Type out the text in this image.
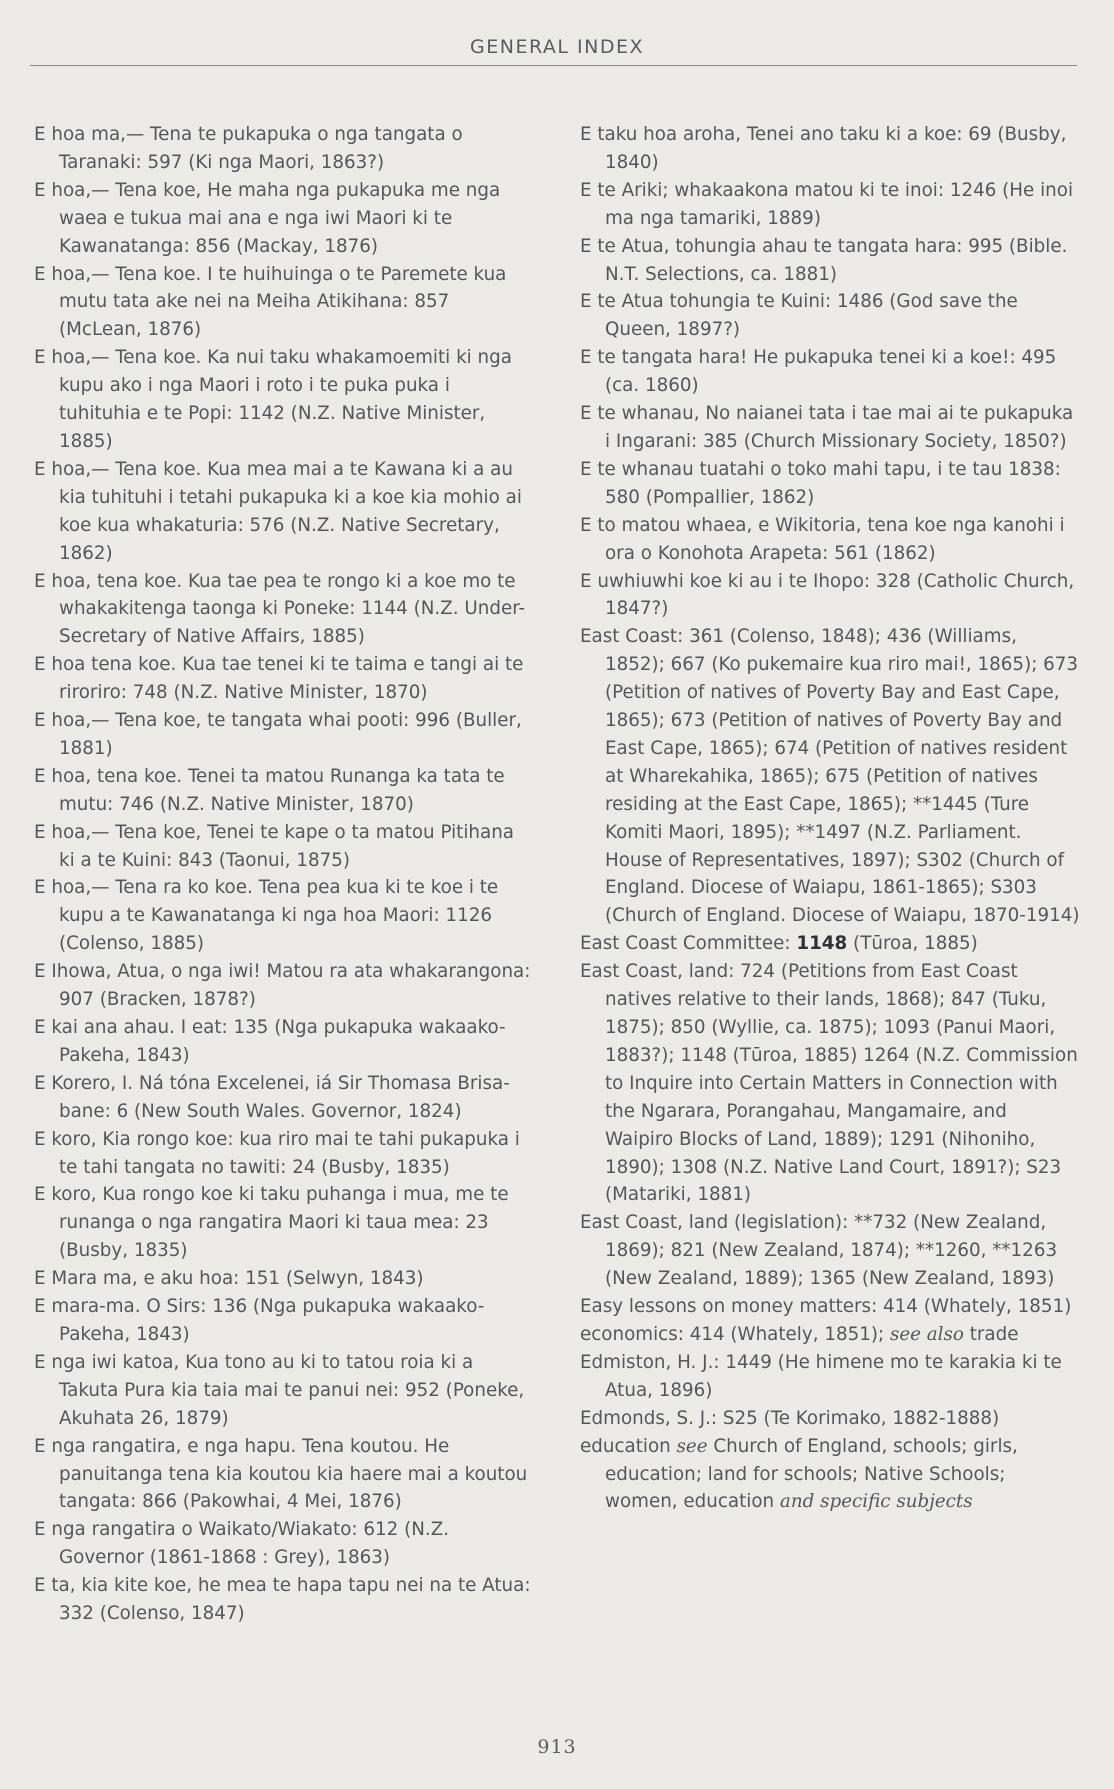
GENERAL INDEX

E hoa ma,— Tena te pukapuka o nga tangata o Taranaki: 597 (Ki nga Maori, 1863?)

E hoa,— Tena koe, He maha nga pukapuka me nga waea e tukua mai ana e nga iwi Maori ki te Kawanatanga: 856 (Mackay, 1876)

E hoa,— Tena koe. I te huihuinga o te Paremete kua mutu tata ake nei na Meiha Atikihana: 857 (McLean, 1876)

E hoa,— Tena koe. Ka nui taku whakamoemiti ki nga kupu ako i nga Maori i roto i te puka puka i tuhituhia e te Popi: 1142 (N.Z. Native Minister, 1885)

E hoa,— Tena koe. Kua mea mai a te Kawana ki a au kia tuhituhi i tetahi pukapuka ki a koe kia mohio ai koe kua whakaturia: 576 (N.Z. Native Secretary, 1862)

E hoa, tena koe. Kua tae pea te rongo ki a koe mo te whakakitenga taonga ki Poneke: 1144 (N.Z. Under-Secretary of Native Affairs, 1885)

E hoa tena koe. Kua tae tenei ki te taima e tangi ai te riroriro: 748 (N.Z. Native Minister, 1870)

E hoa,— Tena koe, te tangata whai pooti: 996 (Buller, 1881)

E hoa, tena koe. Tenei ta matou Runanga ka tata te mutu: 746 (N.Z. Native Minister, 1870)

E hoa,— Tena koe, Tenei te kape o ta matou Pitihana ki a te Kuini: 843 (Taonui, 1875)

E hoa,— Tena ra ko koe. Tena pea kua ki te koe i te kupu a te Kawanatanga ki nga hoa Maori: 1126 (Colenso, 1885)

E Ihowa, Atua, o nga iwi! Matou ra ata whakarangona: 907 (Bracken, 1878?)

E kai ana ahau. I eat: 135 (Nga pukapuka wakaako-Pakeha, 1843)

E Korero, I. Ná tóna Excelenei, iá Sir Thomasa Brisa- bane: 6 (New South Wales. Governor, 1824)

E koro, Kia rongo koe: kua riro mai te tahi pukapuka i te tahi tangata no tawiti: 24 (Busby, 1835)

E koro, Kua rongo koe ki taku puhanga i mua, me te runanga o nga rangatira Maori ki taua mea: 23 (Busby, 1835)

E Mara ma, e aku hoa: 151 (Selwyn, 1843)

E mara-ma. O Sirs: 136 (Nga pukapuka wakaako-Pakeha, 1843)

E nga iwi katoa, Kua tono au ki to tatou roia ki a Takuta Pura kia taia mai te panui nei: 952 (Poneke, Akuhata 26, 1879)

E nga rangatira, e nga hapu. Tena koutou. He panuitanga tena kia koutou kia haere mai a koutou tangata: 866 (Pakowhai, 4 Mei, 1876)

E nga rangatira o Waikato/Wiakato: 612 (N.Z. Governor (1861-1868 : Grey), 1863)

E ta, kia kite koe, he mea te hapa tapu nei na te Atua: 332 (Colenso, 1847)

E taku hoa aroha, Tenei ano taku ki a koe: 69 (Busby, 1840)

E te Ariki; whakaakona matou ki te inoi: 1246 (He inoi ma nga tamariki, 1889)

E te Atua, tohungia ahau te tangata hara: 995 (Bible. N.T. Selections, ca. 1881)

E te Atua tohungia te Kuini: 1486 (God save the Queen, 1897?)

E te tangata hara! He pukapuka tenei ki a koe!: 495 (ca. 1860)

E te whanau, No naianei tata i tae mai ai te pukapuka i Ingarani: 385 (Church Missionary Society, 1850?)

E te whanau tuatahi o toko mahi tapu, i te tau 1838: 580 (Pompallier, 1862)

E to matou whaea, e Wikitoria, tena koe nga kanohi i ora o Konohota Arapeta: 561 (1862)

E uwhiuwhi koe ki au i te Ihopo: 328 (Catholic Church, 1847?)

East Coast: 361 (Colenso, 1848); 436 (Williams, 1852); 667 (Ko pukemaire kua riro mai!, 1865); 673 (Petition of natives of Poverty Bay and East Cape, 1865); 673 (Petition of natives of Poverty Bay and East Cape, 1865); 674 (Petition of natives resident at Wharekahika, 1865); 675 (Petition of natives residing at the East Cape, 1865); **1445 (Ture Komiti Maori, 1895); **1497 (N.Z. Parliament. House of Representatives, 1897); S302 (Church of England. Diocese of Waiapu, 1861-1865); S303 (Church of England. Diocese of Waiapu, 1870-1914)

East Coast Committee: 1148 (Tūroa, 1885)

East Coast, land: 724 (Petitions from East Coast natives relative to their lands, 1868); 847 (Tuku, 1875); 850 (Wyllie, ca. 1875); 1093 (Panui Maori, 1883?); 1148 (Tūroa, 1885) 1264 (N.Z. Commission to Inquire into Certain Matters in Connection with the Ngarara, Porangahau, Mangamaire, and Waipiro Blocks of Land, 1889); 1291 (Nihoniho, 1890); 1308 (N.Z. Native Land Court, 1891?); S23 (Matariki, 1881)

East Coast, land (legislation): **732 (New Zealand, 1869); 821 (New Zealand, 1874); **1260, **1263 (New Zealand, 1889); 1365 (New Zealand, 1893)

Easy lessons on money matters: 414 (Whately, 1851)

economics: 414 (Whately, 1851); see also trade

Edmiston, H. J.: 1449 (He himene mo te karakia ki te Atua, 1896)

Edmonds, S. J.: S25 (Te Korimako, 1882-1888)

education see Church of England, schools; girls, education; land for schools; Native Schools; women, education and specific subjects

913
